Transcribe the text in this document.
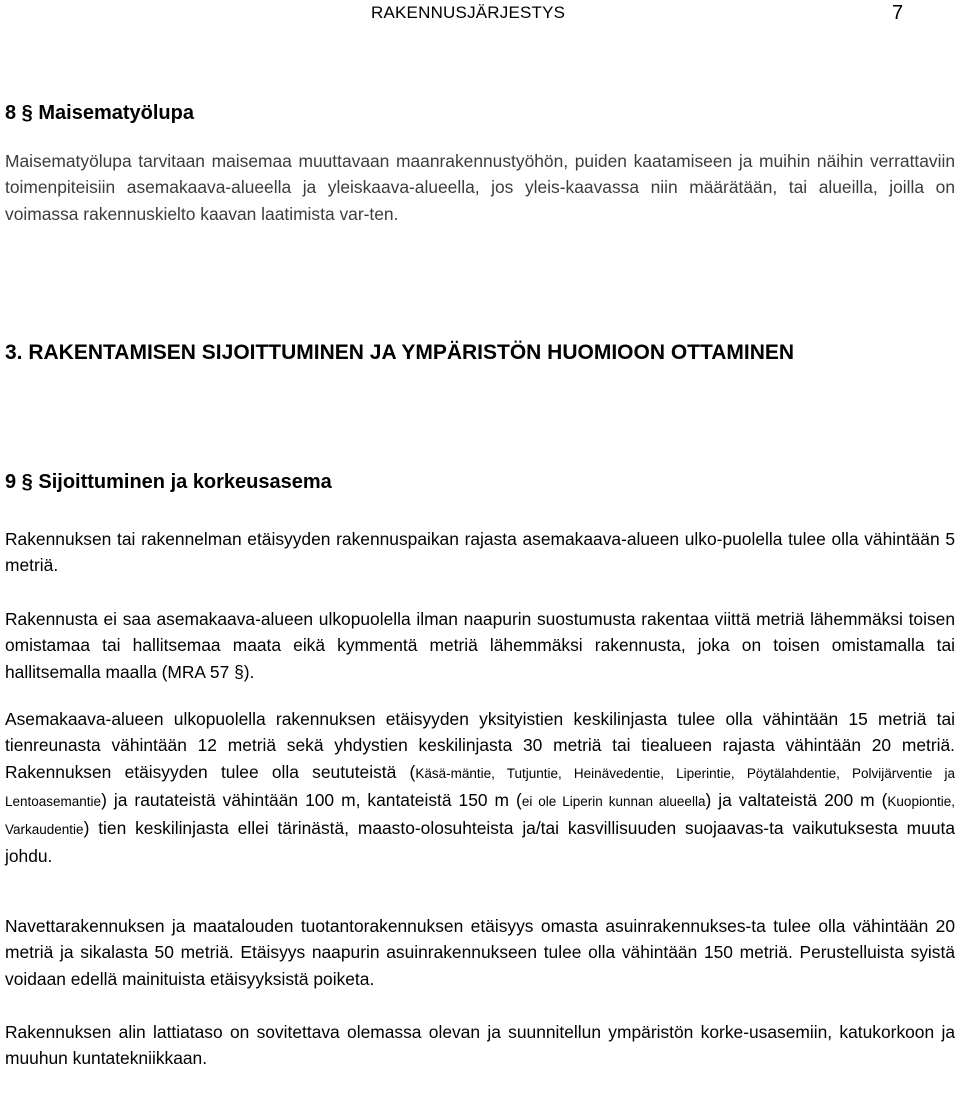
RAKENNUSJÄRJESTYS	7
8 § Maisematyölupa
Maisematyölupa tarvitaan maisemaa muuttavaan maanrakennustyöhön, puiden kaatamiseen ja muihin näihin verrattaviin toimenpiteisiin asemakaava-alueella ja yleiskaava-alueella, jos yleis-kaavassa niin määrätään, tai alueilla, joilla on voimassa rakennuskielto kaavan laatimista var-ten.
3. RAKENTAMISEN SIJOITTUMINEN JA YMPÄRISTÖN HUOMIOON OTTAMINEN
9 § Sijoittuminen ja korkeusasema
Rakennuksen tai rakennelman etäisyyden rakennuspaikan rajasta asemakaava-alueen ulko-puolella tulee olla vähintään 5 metriä.
Rakennusta ei saa asemakaava-alueen ulkopuolella ilman naapurin suostumusta rakentaa viittä metriä lähemmäksi toisen omistamaa tai hallitsemaa maata eikä kymmentä metriä lähemmäksi rakennusta, joka on toisen omistamalla tai hallitsemalla maalla (MRA 57 §).
Asemakaava-alueen ulkopuolella rakennuksen etäisyyden yksityistien keskilinjasta tulee olla vähintään 15 metriä tai tienreunasta vähintään 12 metriä sekä yhdystien keskilinjasta 30 metriä tai tiealueen rajasta vähintään 20 metriä. Rakennuksen etäisyyden tulee olla seututeistä (Käsä-mäntie, Tutjuntie, Heinävedentie, Liperintie, Pöytälahdentie, Polvijärventie ja Lentoasemantie) ja rautateistä vähintään 100 m, kantateistä 150 m (ei ole Liperin kunnan alueella) ja valtateistä 200 m (Kuopiontie, Varkaudentie) tien keskilinjasta ellei tärinästä, maasto-olosuhteista ja/tai kasvillisuuden suojaavas-ta vaikutuksesta muuta johdu.
Navettarakennuksen ja maatalouden tuotantorakennuksen etäisyys omasta asuinrakennukses-ta tulee olla vähintään 20 metriä ja sikalasta 50 metriä. Etäisyys naapurin asuinrakennukseen tulee olla vähintään 150 metriä. Perustelluista syistä voidaan edellä mainituista etäisyyksistä poiketa.
Rakennuksen alin lattiataso on sovitettava olemassa olevan ja suunnitellun ympäristön korke-usasemiin, katukorkoon ja muuhun kuntatekniikkaan.
